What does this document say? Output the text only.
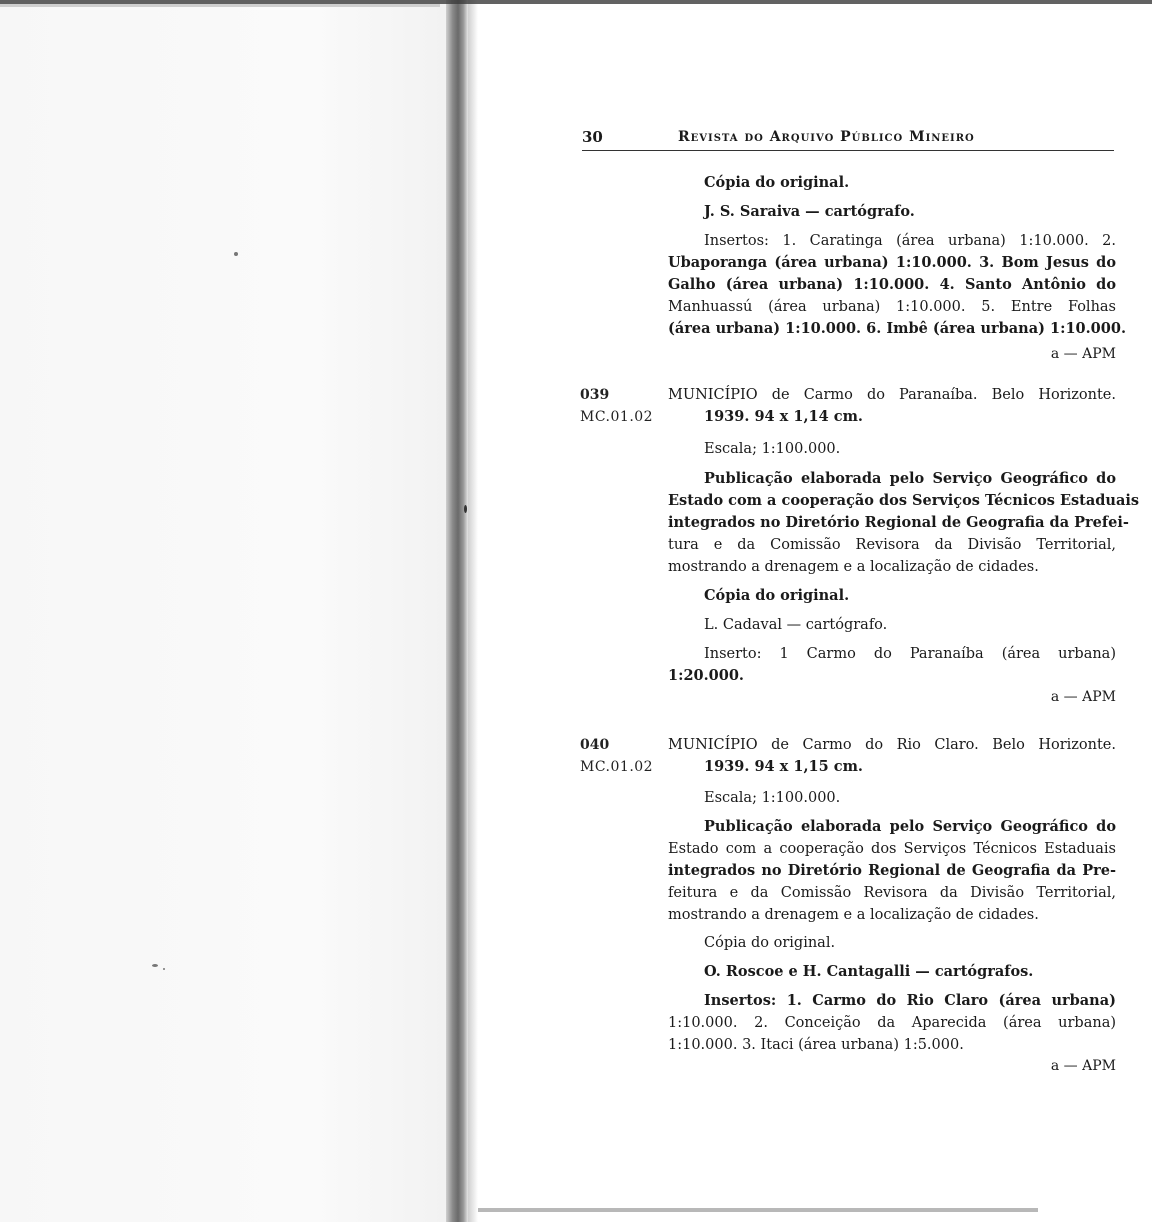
30	Revista do Arquivo Público Mineiro
Cópia do original.
J. S. Saraiva — cartógrafo.
Insertos: 1. Caratinga (área urbana) 1:10.000. 2.
Ubaporanga (área urbana) 1:10.000. 3. Bom Jesus do
Galho (área urbana) 1:10.000. 4. Santo Antônio do
Manhuassú (área urbana) 1:10.000. 5. Entre Folhas
(área urbana) 1:10.000. 6. Imbê (área urbana) 1:10.000.
a — APM
039
MC.01.02
MUNICÍPIO de Carmo do Paranaíba. Belo Horizonte.
1939. 94 x 1,14 cm.
Escala; 1:100.000.
Publicação elaborada pelo Serviço Geográfico do
Estado com a cooperação dos Serviços Técnicos Estaduais
integrados no Diretório Regional de Geografia da Prefei-
tura e da Comissão Revisora da Divisão Territorial,
mostrando a drenagem e a localização de cidades.
Cópia do original.
L. Cadaval — cartógrafo.
Inserto: 1 Carmo do Paranaíba (área urbana)
1:20.000.
a — APM
040
MC.01.02
MUNICÍPIO de Carmo do Rio Claro. Belo Horizonte.
1939. 94 x 1,15 cm.
Escala; 1:100.000.
Publicação elaborada pelo Serviço Geográfico do
Estado com a cooperação dos Serviços Técnicos Estaduais
integrados no Diretório Regional de Geografia da Pre-
feitura e da Comissão Revisora da Divisão Territorial,
mostrando a drenagem e a localização de cidades.
Cópia do original.
O. Roscoe e H. Cantagalli — cartógrafos.
Insertos: 1. Carmo do Rio Claro (área urbana)
1:10.000. 2. Conceição da Aparecida (área urbana)
1:10.000. 3. Itaci (área urbana) 1:5.000.
a — APM
